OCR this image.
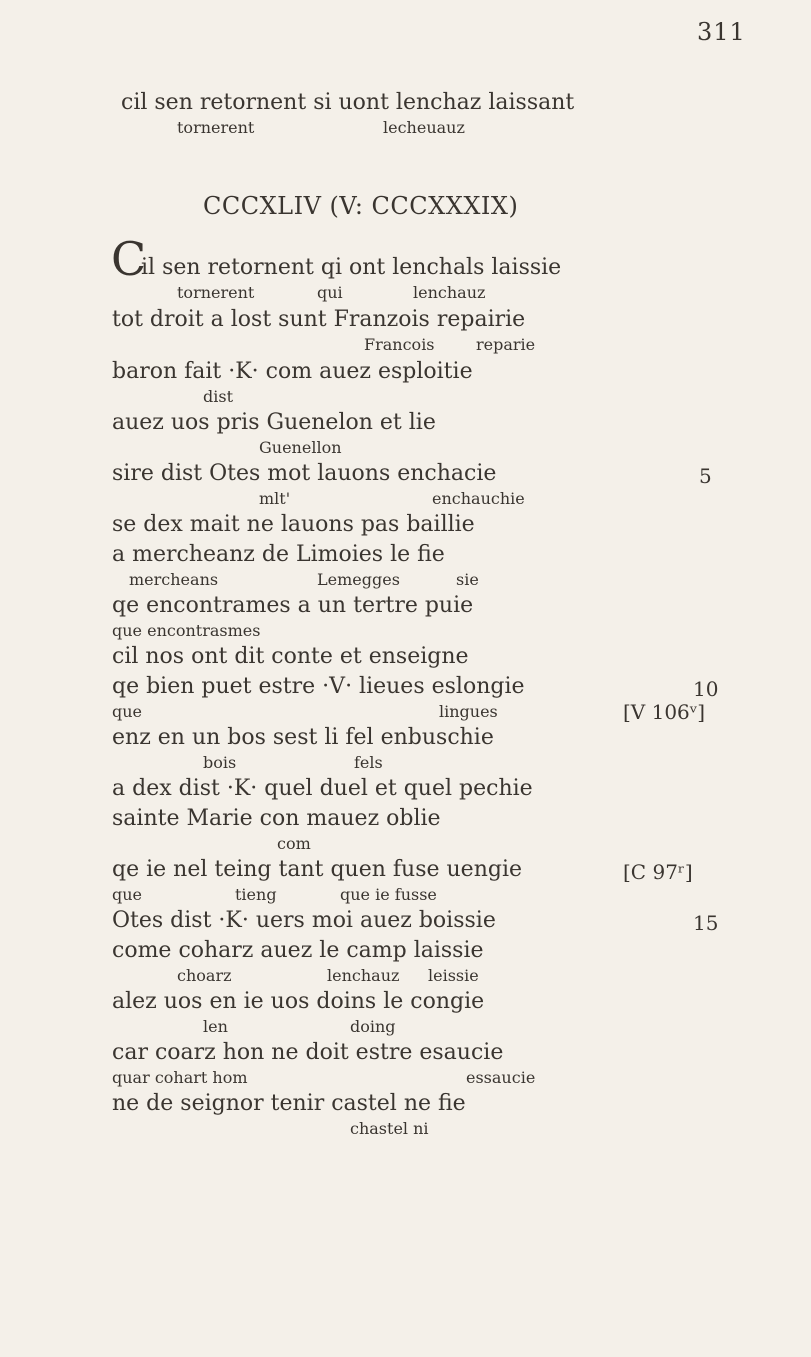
311
cil sen retornent si uont lenchaz laissant
tornerent	lecheuauz
CCCXLIV (V: CCCXXXIX)
C
il sen retornent qi ont lenchals laissie
tornerent	qui	lenchauz
tot droit a lost sunt Franzois repairie
Francois	reparie
baron fait ·K· com auez esploitie
dist
auez uos pris Guenelon et lie
Guenellon
sire dist Otes mot lauons enchacie	5
mlt'	enchauchie
se dex mait ne lauons pas baillie
a mercheanz de Limoies le fie
mercheans	Lemegges	sie
qe encontrames a un tertre puie
que encontrasmes
cil nos ont dit conte et enseigne
qe bien puet estre ·V· lieues eslongie	10
que	lingues	[V 106ᵛ]
enz en un bos sest li fel enbuschie
bois	fels
a dex dist ·K· quel duel et quel pechie
sainte Marie con mauez oblie
com
qe ie nel teing tant quen fuse uengie	[C 97ʳ]
que	tieng	que ie fusse
Otes dist ·K· uers moi auez boissie	15
come coharz auez le camp laissie
choarz	lenchauz leissie
alez uos en ie uos doins le congie
len	doing
car coarz hon ne doit estre esaucie
quar cohart hom	essaucie
ne de seignor tenir castel ne fie
chastel ni
